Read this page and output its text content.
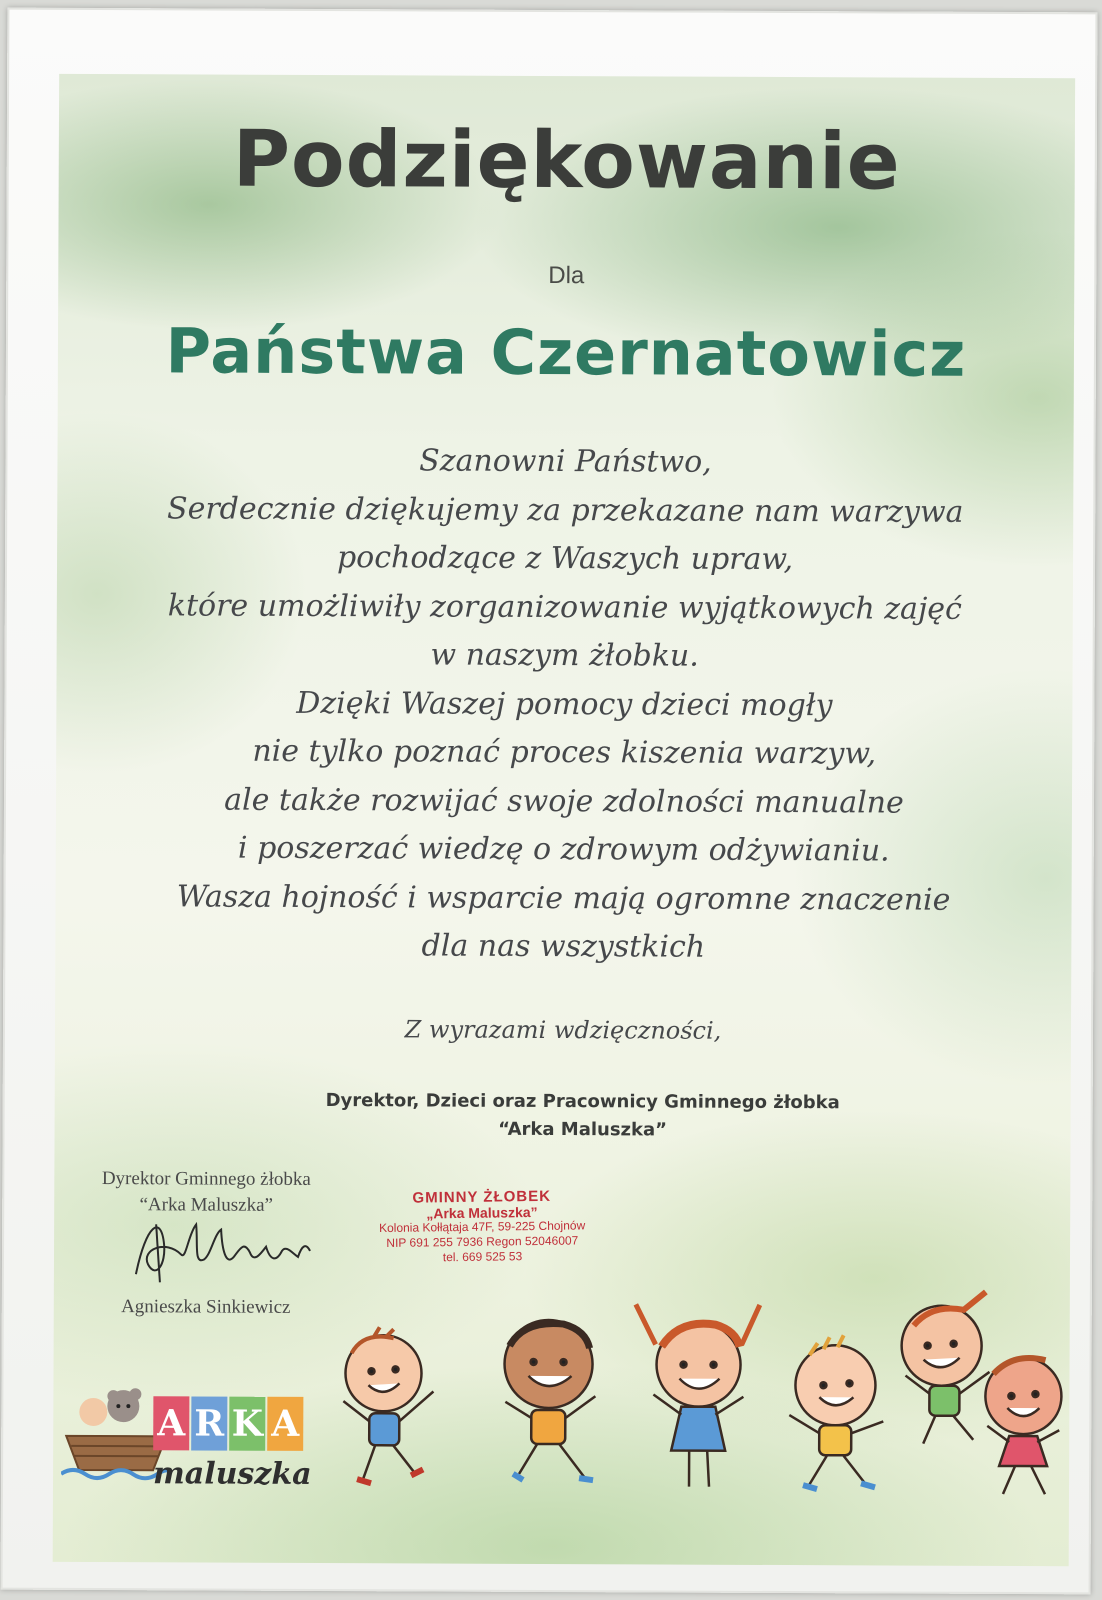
Podziękowanie
Dla
Państwa Czernatowicz
Szanowni Państwo,
Serdecznie dziękujemy za przekazane nam warzywa
pochodzące z Waszych upraw,
które umożliwiły zorganizowanie wyjątkowych zajęć
w naszym żłobku.
Dzięki Waszej pomocy dzieci mogły
nie tylko poznać proces kiszenia warzyw,
ale także rozwijać swoje zdolności manualne
i poszerzać wiedzę o zdrowym odżywianiu.
Wasza hojność i wsparcie mają ogromne znaczenie
dla nas wszystkich
Z wyrazami wdzięczności,
Dyrektor, Dzieci oraz Pracownicy Gminnego żłobka
“Arka Maluszka”
Dyrektor Gminnego żłobka
“Arka Maluszka”
Agnieszka Sinkiewicz
GMINNY ŻŁOBEK
„Arka Maluszka”
Kolonia Kołłątaja 47F, 59-225 Chojnów
NIP 691 255 7936 Regon 52046007
tel. 669 525 53
A R K A
maluszka
